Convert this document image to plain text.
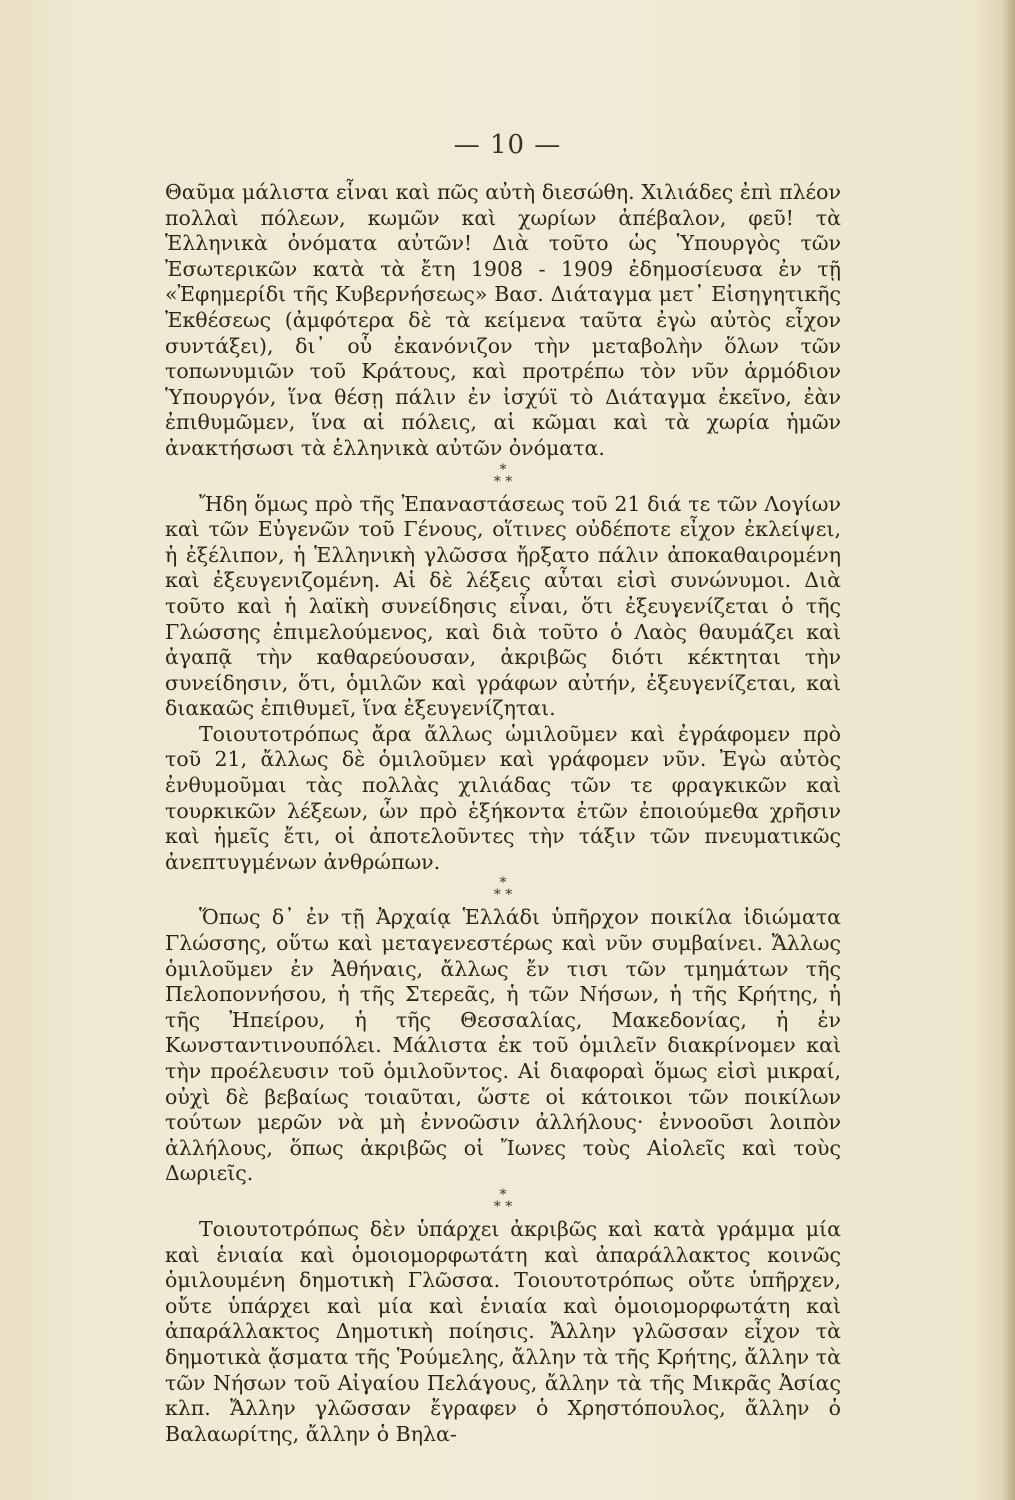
— 10 —

Θαῦμα μάλιστα εἶναι καὶ πῶς αὐτὴ διεσώθη. Χιλιάδες ἐπὶ πλέον πολλαὶ πόλεων, κωμῶν καὶ χωρίων ἀπέβαλον, φεῦ! τὰ Ἑλληνικὰ ὀνόματα αὐτῶν! Διὰ τοῦτο ὡς Ὑπουργὸς τῶν Ἐσωτερικῶν κατὰ τὰ ἔτη 1908 - 1909 ἐδημοσίευσα ἐν τῇ «Ἐφημερίδι τῆς Κυβερνήσεως» Βασ. Διάταγμα μετ᾽ Εἰσηγητικῆς Ἐκθέσεως (ἀμφότερα δὲ τὰ κείμενα ταῦτα ἐγὼ αὐτὸς εἶχον συντάξει), δι᾽ οὗ ἐκανόνιζον τὴν μεταβολὴν ὅλων τῶν τοπωνυμιῶν τοῦ Κράτους, καὶ προτρέπω τὸν νῦν ἁρμόδιον Ὑπουργόν, ἵνα θέσῃ πάλιν ἐν ἰσχύϊ τὸ Διάταγμα ἐκεῖνο, ἐὰν ἐπιθυμῶμεν, ἵνα αἱ πόλεις, αἱ κῶμαι καὶ τὰ χωρία ἡμῶν ἀνακτήσωσι τὰ ἑλληνικὰ αὐτῶν ὀνόματα.

*
* *

Ἤδη ὅμως πρὸ τῆς Ἐπαναστάσεως τοῦ 21 διά τε τῶν Λογίων καὶ τῶν Εὐγενῶν τοῦ Γένους, οἵτινες οὐδέποτε εἶχον ἐκλείψει, ἡ ἐξέλιπον, ἡ Ἑλληνικὴ γλῶσσα ἤρξατο πάλιν ἀποκαθαιρομένη καὶ ἐξευγενιζομένη. Αἱ δὲ λέξεις αὗται εἰσὶ συνώνυμοι. Διὰ τοῦτο καὶ ἡ λαϊκὴ συνείδησις εἶναι, ὅτι ἐξευγενίζεται ὁ τῆς Γλώσσης ἐπιμελούμενος, καὶ διὰ τοῦτο ὁ Λαὸς θαυμάζει καὶ ἀγαπᾷ τὴν καθαρεύουσαν, ἀκριβῶς διότι κέκτηται τὴν συνείδησιν, ὅτι, ὁμιλῶν καὶ γράφων αὐτήν, ἐξευγενίζεται, καὶ διακαῶς ἐπιθυμεῖ, ἵνα ἐξευγενίζηται.

Τοιουτοτρόπως ἄρα ἄλλως ὡμιλοῦμεν καὶ ἐγράφομεν πρὸ τοῦ 21, ἄλλως δὲ ὁμιλοῦμεν καὶ γράφομεν νῦν. Ἐγὼ αὐτὸς ἐνθυμοῦμαι τὰς πολλὰς χιλιάδας τῶν τε φραγκικῶν καὶ τουρκικῶν λέξεων, ὧν πρὸ ἑξήκοντα ἐτῶν ἐποιούμεθα χρῆσιν καὶ ἡμεῖς ἔτι, οἱ ἀποτελοῦντες τὴν τάξιν τῶν πνευματικῶς ἀνεπτυγμένων ἀνθρώπων.

*
* *

Ὅπως δ᾽ ἐν τῇ Ἀρχαίᾳ Ἑλλάδι ὑπῆρχον ποικίλα ἰδιώματα Γλώσσης, οὕτω καὶ μεταγενεστέρως καὶ νῦν συμβαίνει. Ἄλλως ὁμιλοῦμεν ἐν Ἀθήναις, ἄλλως ἔν τισι τῶν τμημάτων τῆς Πελοποννήσου, ἡ τῆς Στερεᾶς, ἡ τῶν Νήσων, ἡ τῆς Κρήτης, ἡ τῆς Ἠπείρου, ἡ τῆς Θεσσαλίας, Μακεδονίας, ἡ ἐν Κωνσταντινουπόλει. Μάλιστα ἐκ τοῦ ὁμιλεῖν διακρίνομεν καὶ τὴν προέλευσιν τοῦ ὁμιλοῦντος. Αἱ διαφοραὶ ὅμως εἰσὶ μικραί, οὐχὶ δὲ βεβαίως τοιαῦται, ὥστε οἱ κάτοικοι τῶν ποικίλων τούτων μερῶν νὰ μὴ ἐννοῶσιν ἀλλήλους· ἐννοοῦσι λοιπὸν ἀλλήλους, ὅπως ἀκριβῶς οἱ Ἴωνες τοὺς Αἰολεῖς καὶ τοὺς Δωριεῖς.

*
* *

Τοιουτοτρόπως δὲν ὑπάρχει ἀκριβῶς καὶ κατὰ γράμμα μία καὶ ἑνιαία καὶ ὁμοιομορφωτάτη καὶ ἀπαράλλακτος κοινῶς ὁμιλουμένη δημοτικὴ Γλῶσσα. Τοιουτοτρόπως οὔτε ὑπῆρχεν, οὔτε ὑπάρχει καὶ μία καὶ ἑνιαία καὶ ὁμοιομορφωτάτη καὶ ἀπαράλλακτος Δημοτικὴ ποίησις. Ἄλλην γλῶσσαν εἶχον τὰ δημοτικὰ ᾄσματα τῆς Ῥούμελης, ἄλλην τὰ τῆς Κρήτης, ἄλλην τὰ τῶν Νήσων τοῦ Αἰγαίου Πελάγους, ἄλλην τὰ τῆς Μικρᾶς Ἀσίας κλπ. Ἄλλην γλῶσσαν ἔγραφεν ὁ Χρηστόπουλος, ἄλλην ὁ Βαλαωρίτης, ἄλλην ὁ Βηλα-
